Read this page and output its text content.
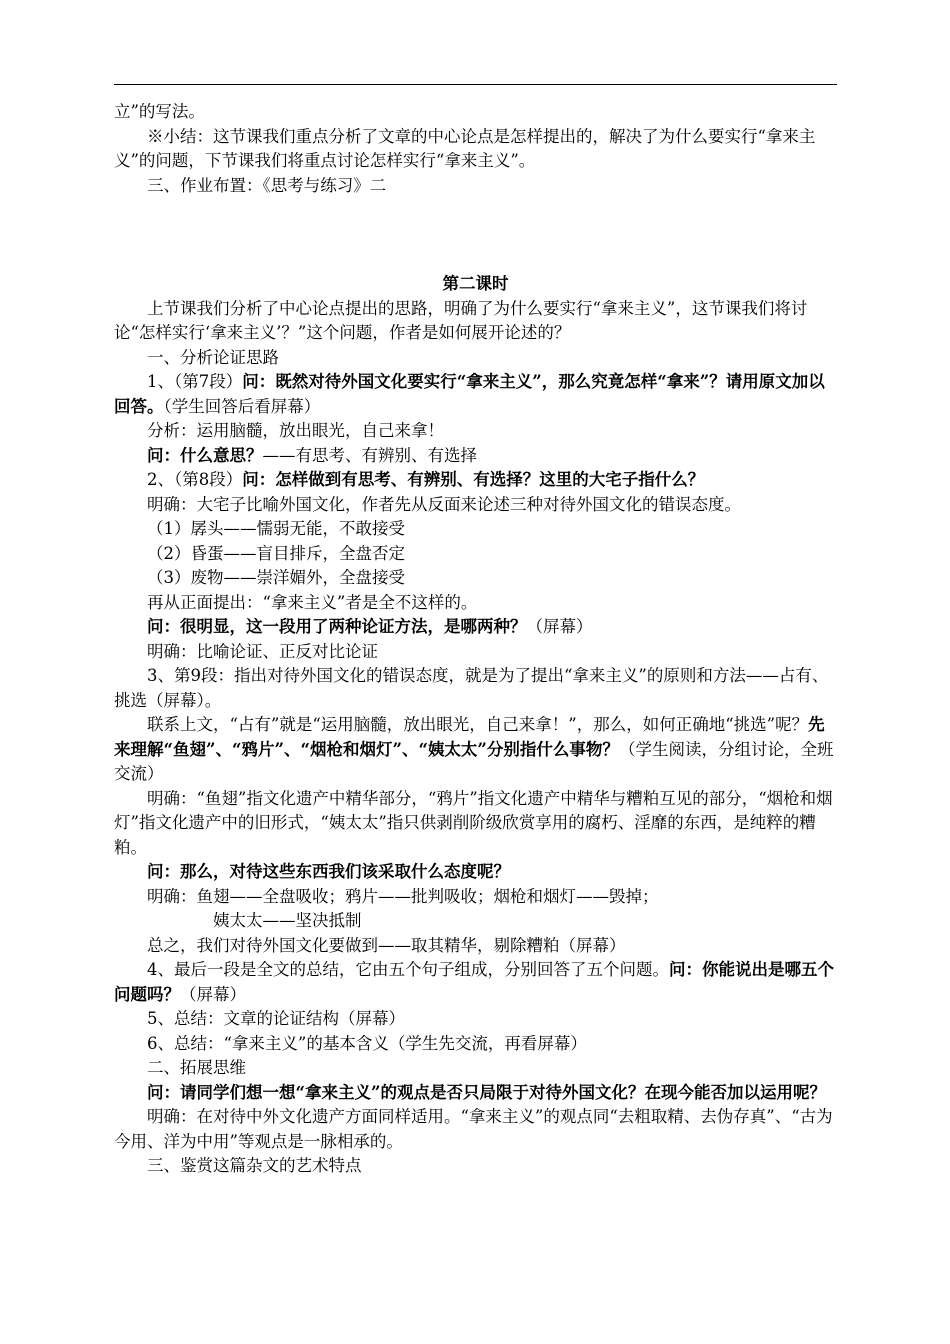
立”的写法。

※小结：这节课我们重点分析了文章的中心论点是怎样提出的，解决了为什么要实行“拿来主义”的问题，下节课我们将重点讨论怎样实行“拿来主义”。

三、作业布置：《思考与练习》二

第二课时

上节课我们分析了中心论点提出的思路，明确了为什么要实行“拿来主义”，这节课我们将讨论“怎样实行‘拿来主义’？”这个问题，作者是如何展开论述的？

一、分析论证思路

1、（第7段）问：既然对待外国文化要实行“拿来主义”，那么究竟怎样“拿来”？请用原文加以回答。（学生回答后看屏幕）

分析：运用脑髓，放出眼光，自己来拿！

问：什么意思？——有思考、有辨别、有选择

2、（第8段）问：怎样做到有思考、有辨别、有选择？这里的大宅子指什么？

明确：大宅子比喻外国文化，作者先从反面来论述三种对待外国文化的错误态度。

（1）孱头——懦弱无能，不敢接受

（2）昏蛋——盲目排斥，全盘否定

（3）废物——崇洋媚外，全盘接受

再从正面提出：“拿来主义”者是全不这样的。

问：很明显，这一段用了两种论证方法，是哪两种？（屏幕）

明确：比喻论证、正反对比论证

3、第9段：指出对待外国文化的错误态度，就是为了提出“拿来主义”的原则和方法——占有、挑选（屏幕）。

联系上文，“占有”就是“运用脑髓，放出眼光，自己来拿！”，那么，如何正确地“挑选”呢？先来理解“鱼翅”、“鸦片”、“烟枪和烟灯”、“姨太太”分别指什么事物？（学生阅读，分组讨论，全班交流）

明确：“鱼翅”指文化遗产中精华部分，“鸦片”指文化遗产中精华与糟粕互见的部分，“烟枪和烟灯”指文化遗产中的旧形式，“姨太太”指只供剥削阶级欣赏享用的腐朽、淫靡的东西，是纯粹的糟粕。

问：那么，对待这些东西我们该采取什么态度呢？

明确：鱼翅——全盘吸收；鸦片——批判吸收；烟枪和烟灯——毁掉；

姨太太——坚决抵制

总之，我们对待外国文化要做到——取其精华，剔除糟粕（屏幕）

4、最后一段是全文的总结，它由五个句子组成，分别回答了五个问题。问：你能说出是哪五个问题吗？（屏幕）

5、总结：文章的论证结构（屏幕）

6、总结：“拿来主义”的基本含义（学生先交流，再看屏幕）

二、拓展思维

问：请同学们想一想“拿来主义”的观点是否只局限于对待外国文化？在现今能否加以运用呢？

明确：在对待中外文化遗产方面同样适用。“拿来主义”的观点同“去粗取精、去伪存真”、“古为今用、洋为中用”等观点是一脉相承的。

三、鉴赏这篇杂文的艺术特点
